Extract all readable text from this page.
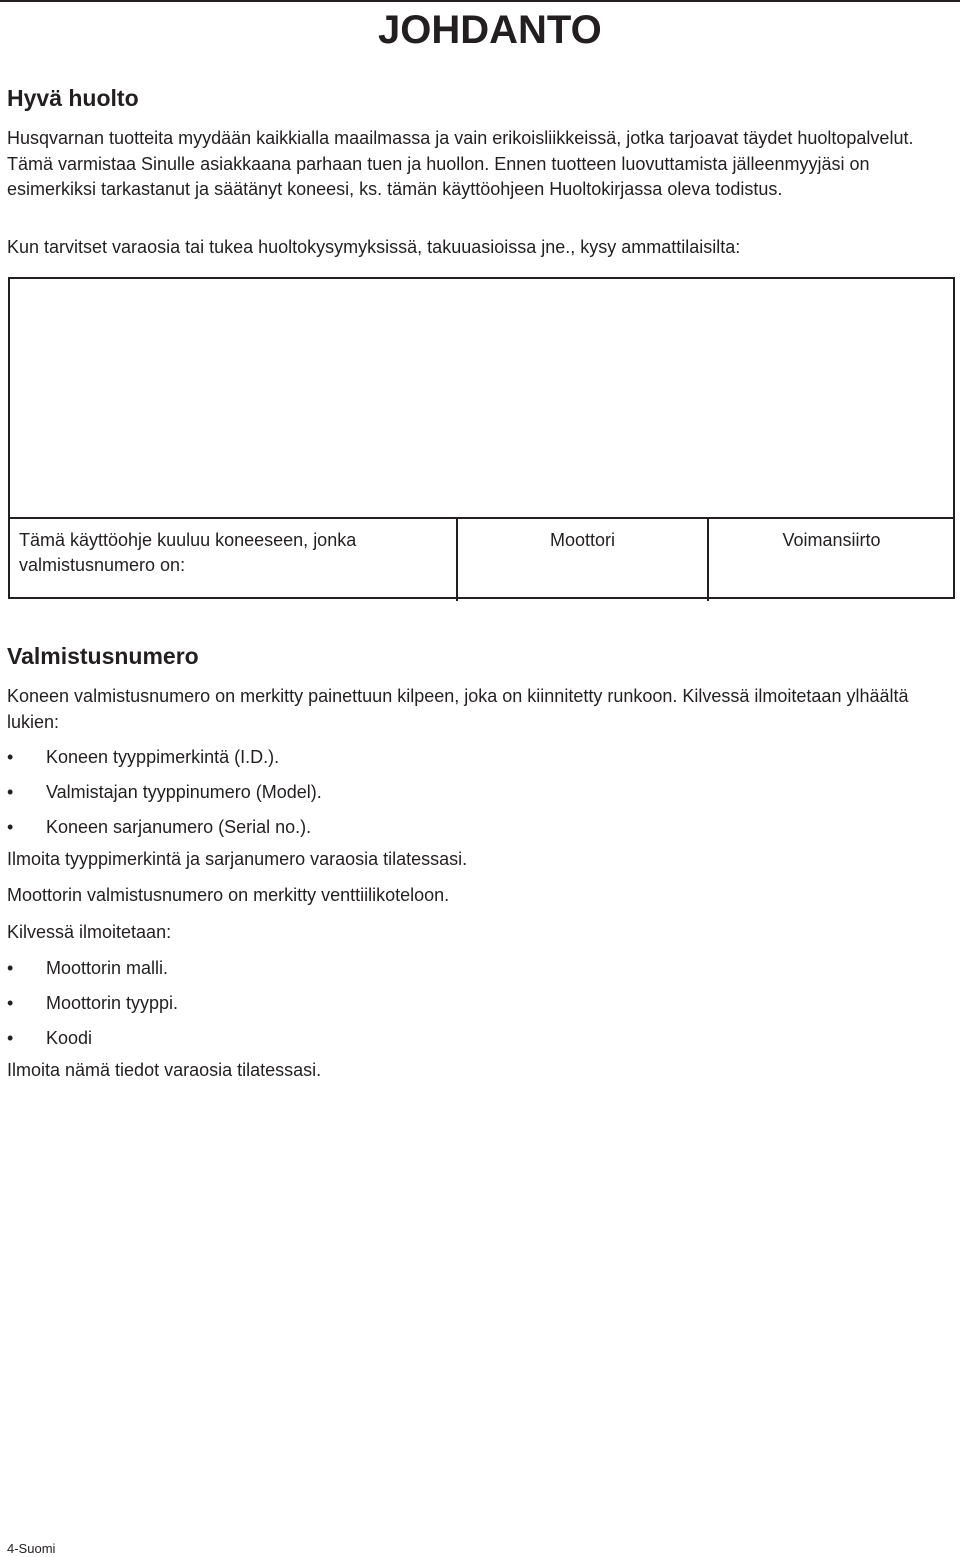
JOHDANTO
Hyvä huolto

Husqvarnan tuotteita myydään kaikkialla maailmassa ja vain erikoisliikkeissä, jotka tarjoavat täydet huoltopalvelut. Tämä varmistaa Sinulle asiakkaana parhaan tuen ja huollon. Ennen tuotteen luovuttamista jälleenmyyjäsi on esimerkiksi tarkastanut ja säätänyt koneesi, ks. tämän käyttöohjeen Huoltokirjassa oleva todistus.

Kun tarvitset varaosia tai tukea huoltokysymyksissä, takuuasioissa jne., kysy ammattilaisilta:

Tämä käyttöohje kuuluu koneeseen, jonka valmistusnumero on:
Moottori	Voimansiirto
Valmistusnumero

Koneen valmistusnumero on merkitty painettuun kilpeen, joka on kiinnitetty runkoon. Kilvessä ilmoitetaan ylhäältä lukien:

• Koneen tyyppimerkintä (I.D.).
• Valmistajan tyyppinumero (Model).
• Koneen sarjanumero (Serial no.).

Ilmoita tyyppimerkintä ja sarjanumero varaosia tilatessasi.

Moottorin valmistusnumero on merkitty venttiilikoteloon.

Kilvessä ilmoitetaan:

• Moottorin malli.
• Moottorin tyyppi.
• Koodi

Ilmoita nämä tiedot varaosia tilatessasi.

4-Suomi
